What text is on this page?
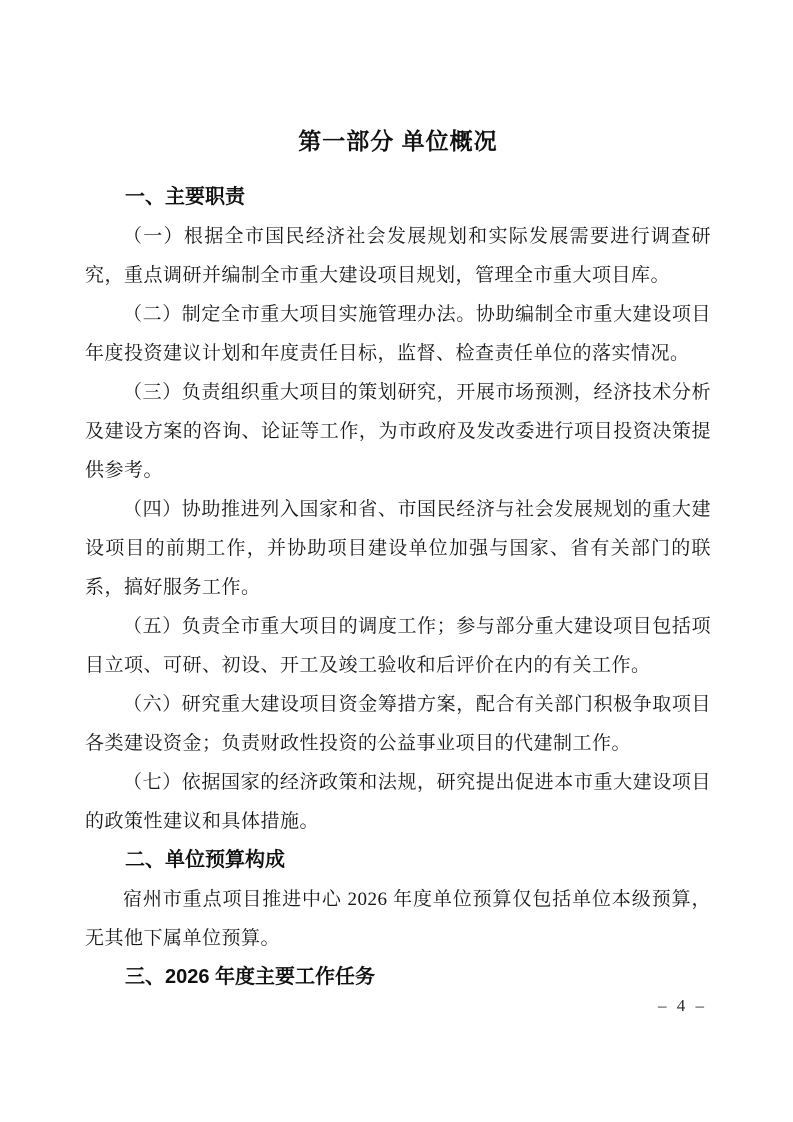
第一部分 单位概况
一、主要职责

（一）根据全市国民经济社会发展规划和实际发展需要进行调查研究，重点调研并编制全市重大建设项目规划，管理全市重大项目库。

（二）制定全市重大项目实施管理办法。协助编制全市重大建设项目年度投资建议计划和年度责任目标，监督、检查责任单位的落实情况。

（三）负责组织重大项目的策划研究，开展市场预测，经济技术分析及建设方案的咨询、论证等工作，为市政府及发改委进行项目投资决策提供参考。

（四）协助推进列入国家和省、市国民经济与社会发展规划的重大建设项目的前期工作，并协助项目建设单位加强与国家、省有关部门的联系，搞好服务工作。

（五）负责全市重大项目的调度工作；参与部分重大建设项目包括项目立项、可研、初设、开工及竣工验收和后评价在内的有关工作。

（六）研究重大建设项目资金筹措方案，配合有关部门积极争取项目各类建设资金；负责财政性投资的公益事业项目的代建制工作。

（七）依据国家的经济政策和法规，研究提出促进本市重大建设项目的政策性建议和具体措施。

二、单位预算构成

宿州市重点项目推进中心 2026 年度单位预算仅包括单位本级预算，无其他下属单位预算。

三、2026 年度主要工作任务
– 4 –
